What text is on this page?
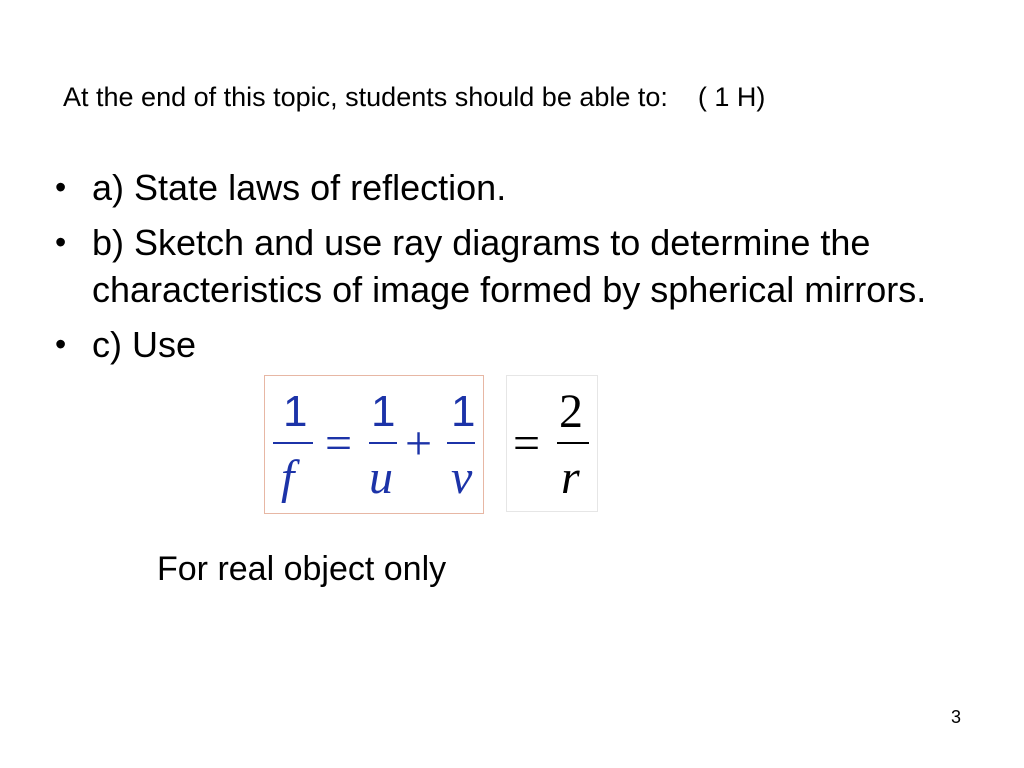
At the end of this topic, students should be able to:    ( 1 H)
• a) State laws of reflection.
• b) Sketch and use ray diagrams to determine the characteristics of image formed by spherical mirrors.
• c) Use
1
f
=
1
u
+
1
v
=
2
r
For real object only
3
